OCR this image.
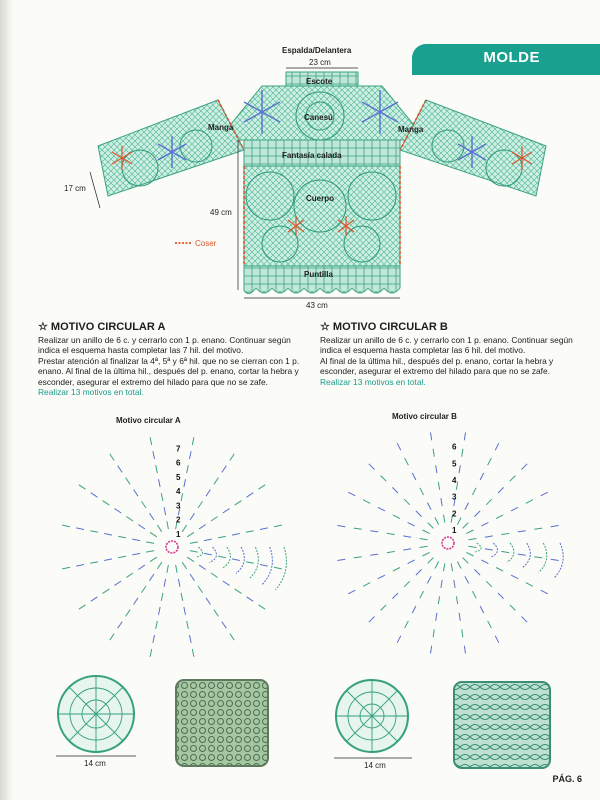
MOLDE
Espalda/Delantera
23 cm
Escote
Canesú
Manga	Manga
Fantasía calada
Cuerpo
Puntilla
17 cm
49 cm
43 cm
Coser
☆ MOTIVO CIRCULAR A

Realizar un anillo de 6 c. y cerrarlo con 1 p. enano. Continuar según indica el esquema hasta completar las 7 hil. del motivo.

Prestar atención al finalizar la 4ª, 5ª y 6ª hil. que no se cierran con 1 p. enano. Al final de la última hil., después del p. enano, cortar la hebra y esconder, asegurar el extremo del hilado para que no se zafe.

Realizar 13 motivos en total.

☆ MOTIVO CIRCULAR B

Realizar un anillo de 6 c. y cerrarlo con 1 p. enano. Continuar según indica el esquema hasta completar las 6 hil. del motivo.

Al final de la última hil., después del p. enano, cortar la hebra y esconder, asegurar el extremo del hilado para que no se zafe.

Realizar 13 motivos en total.

Motivo circular A	Motivo circular B
1
2
3
4
5
6
7
1
2
3
4
5
6
14 cm	14 cm
PÁG. 6
